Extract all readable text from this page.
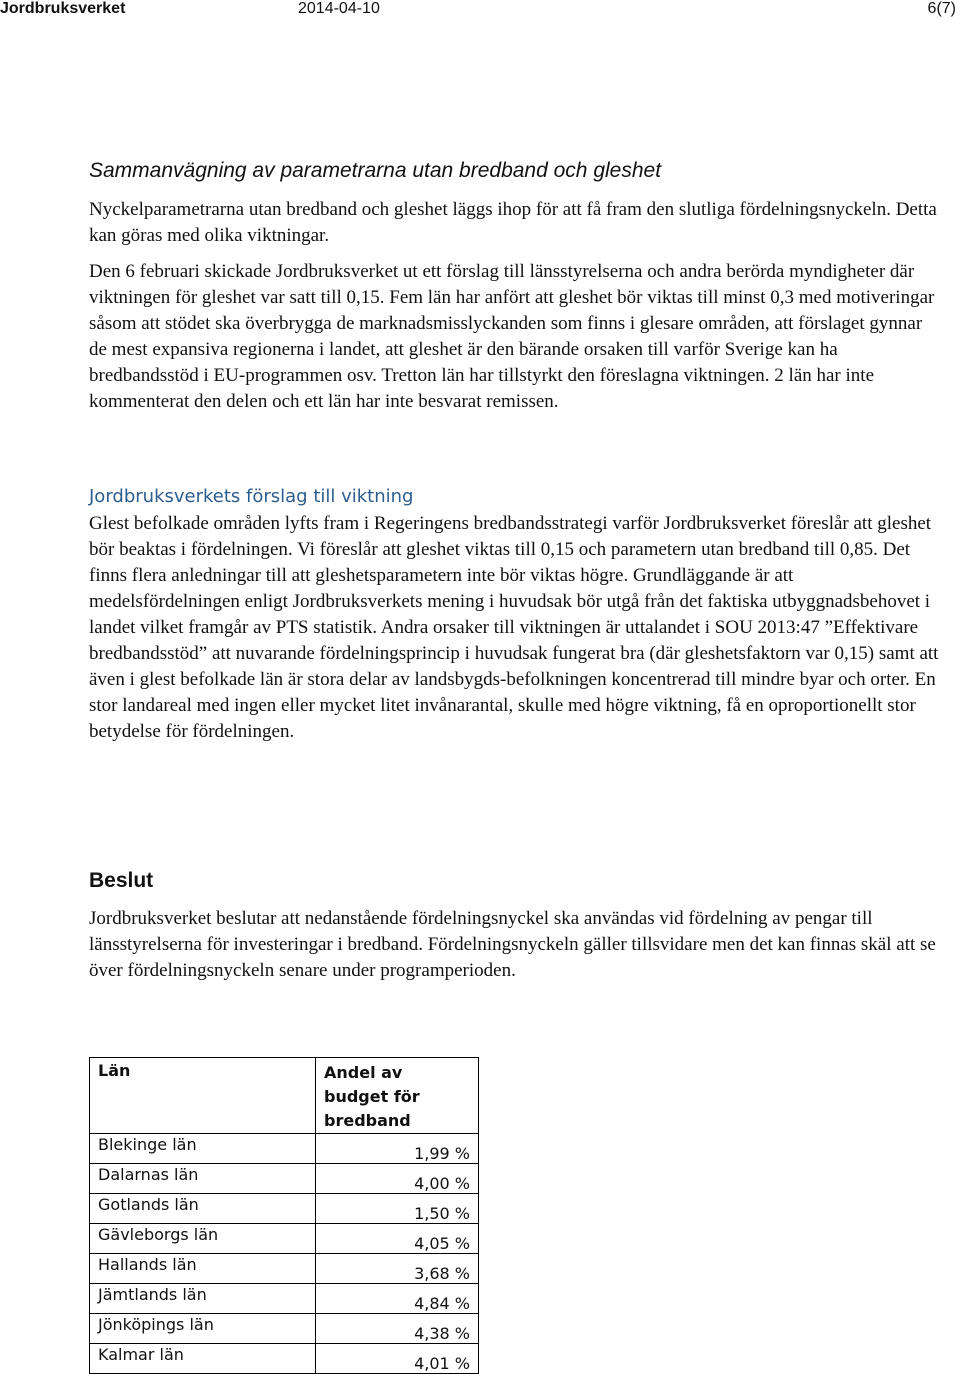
Jordbruksverket	2014-04-10	6(7)
Sammanvägning av parametrarna utan bredband och gleshet

Nyckelparametrarna utan bredband och gleshet läggs ihop för att få fram den slutliga fördelningsnyckeln. Detta kan göras med olika viktningar.

Den 6 februari skickade Jordbruksverket ut ett förslag till länsstyrelserna och andra berörda myndigheter där viktningen för gleshet var satt till 0,15. Fem län har anfört att gleshet bör viktas till minst 0,3 med motiveringar såsom att stödet ska överbrygga de marknadsmisslyckanden som finns i glesare områden, att förslaget gynnar de mest expansiva regionerna i landet, att gleshet är den bärande orsaken till varför Sverige kan ha bredbandsstöd i EU-programmen osv. Tretton län har tillstyrkt den föreslagna viktningen. 2 län har inte kommenterat den delen och ett län har inte besvarat remissen.

Jordbruksverkets förslag till viktning

Glest befolkade områden lyfts fram i Regeringens bredbandsstrategi varför Jordbruksverket föreslår att gleshet bör beaktas i fördelningen. Vi föreslår att gleshet viktas till 0,15 och parametern utan bredband till 0,85. Det finns flera anledningar till att gleshetsparametern inte bör viktas högre. Grundläggande är att medelsfördelningen enligt Jordbruksverkets mening i huvudsak bör utgå från det faktiska utbyggnadsbehovet i landet vilket framgår av PTS statistik. Andra orsaker till viktningen är uttalandet i SOU 2013:47 ”Effektivare bredbandsstöd” att nuvarande fördelningsprincip i huvudsak fungerat bra (där gleshetsfaktorn var 0,15) samt att även i glest befolkade län är stora delar av landsbygds-befolkningen koncentrerad till mindre byar och orter. En stor landareal med ingen eller mycket litet invånarantal, skulle med högre viktning, få en oproportionellt stor betydelse för fördelningen.

Beslut

Jordbruksverket beslutar att nedanstående fördelningsnyckel ska användas vid fördelning av pengar till länsstyrelserna för investeringar i bredband. Fördelningsnyckeln gäller tillsvidare men det kan finnas skäl att se över fördelningsnyckeln senare under programperioden.

Län	Andel av budget för bredband
Blekinge län	1,99 %
Dalarnas län	4,00 %
Gotlands län	1,50 %
Gävleborgs län	4,05 %
Hallands län	3,68 %
Jämtlands län	4,84 %
Jönköpings län	4,38 %
Kalmar län	4,01 %
